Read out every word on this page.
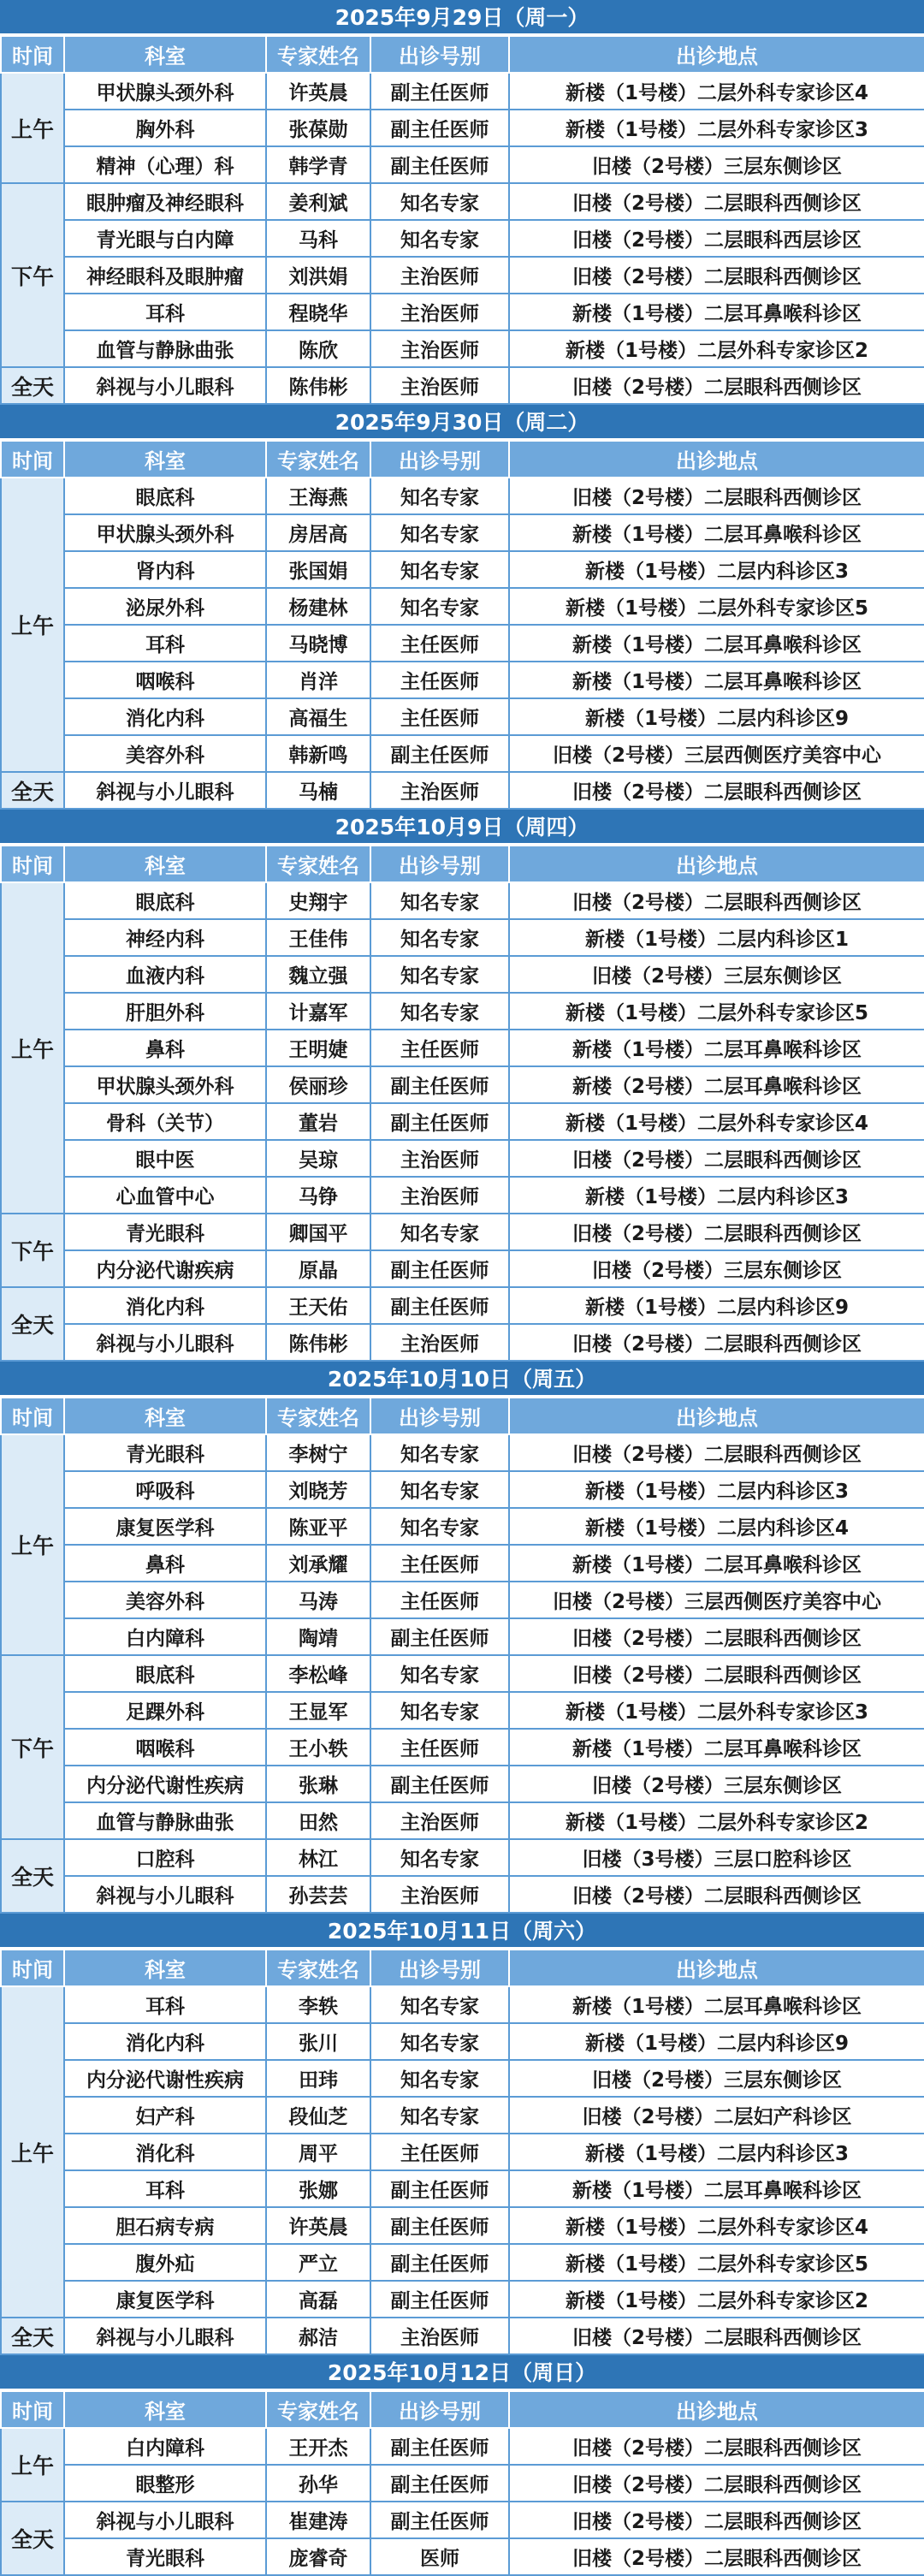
2025年9月29日（周一）
时间	科室	专家姓名	出诊号别	出诊地点
上午	甲状腺头颈外科	许英晨	副主任医师	新楼（1号楼）二层外科专家诊区4
	胸外科	张葆勋	副主任医师	新楼（1号楼）二层外科专家诊区3
	精神（心理）科	韩学青	副主任医师	旧楼（2号楼）三层东侧诊区
下午	眼肿瘤及神经眼科	姜利斌	知名专家	旧楼（2号楼）二层眼科西侧诊区
	青光眼与白内障	马科	知名专家	旧楼（2号楼）二层眼科西层诊区
	神经眼科及眼肿瘤	刘洪娟	主治医师	旧楼（2号楼）二层眼科西侧诊区
	耳科	程晓华	主治医师	新楼（1号楼）二层耳鼻喉科诊区
	血管与静脉曲张	陈欣	主治医师	新楼（1号楼）二层外科专家诊区2
全天	斜视与小儿眼科	陈伟彬	主治医师	旧楼（2号楼）二层眼科西侧诊区
2025年9月30日（周二）
时间	科室	专家姓名	出诊号别	出诊地点
上午	眼底科	王海燕	知名专家	旧楼（2号楼）二层眼科西侧诊区
	甲状腺头颈外科	房居高	知名专家	新楼（1号楼）二层耳鼻喉科诊区
	肾内科	张国娟	知名专家	新楼（1号楼）二层内科诊区3
	泌尿外科	杨建林	知名专家	新楼（1号楼）二层外科专家诊区5
	耳科	马晓博	主任医师	新楼（1号楼）二层耳鼻喉科诊区
	咽喉科	肖洋	主任医师	新楼（1号楼）二层耳鼻喉科诊区
	消化内科	高福生	主任医师	新楼（1号楼）二层内科诊区9
	美容外科	韩新鸣	副主任医师	旧楼（2号楼）三层西侧医疗美容中心
全天	斜视与小儿眼科	马楠	主治医师	旧楼（2号楼）二层眼科西侧诊区
2025年10月9日（周四）
时间	科室	专家姓名	出诊号别	出诊地点
上午	眼底科	史翔宇	知名专家	旧楼（2号楼）二层眼科西侧诊区
	神经内科	王佳伟	知名专家	新楼（1号楼）二层内科诊区1
	血液内科	魏立强	知名专家	旧楼（2号楼）三层东侧诊区
	肝胆外科	计嘉军	知名专家	新楼（1号楼）二层外科专家诊区5
	鼻科	王明婕	主任医师	新楼（1号楼）二层耳鼻喉科诊区
	甲状腺头颈外科	侯丽珍	副主任医师	新楼（2号楼）二层耳鼻喉科诊区
	骨科（关节）	董岩	副主任医师	新楼（1号楼）二层外科专家诊区4
	眼中医	吴琼	主治医师	旧楼（2号楼）二层眼科西侧诊区
	心血管中心	马铮	主治医师	新楼（1号楼）二层内科诊区3
下午	青光眼科	卿国平	知名专家	旧楼（2号楼）二层眼科西侧诊区
	内分泌代谢疾病	原晶	副主任医师	旧楼（2号楼）三层东侧诊区
全天	消化内科	王天佑	副主任医师	新楼（1号楼）二层内科诊区9
	斜视与小儿眼科	陈伟彬	主治医师	旧楼（2号楼）二层眼科西侧诊区
2025年10月10日（周五）
时间	科室	专家姓名	出诊号别	出诊地点
上午	青光眼科	李树宁	知名专家	旧楼（2号楼）二层眼科西侧诊区
	呼吸科	刘晓芳	知名专家	新楼（1号楼）二层内科诊区3
	康复医学科	陈亚平	知名专家	新楼（1号楼）二层内科诊区4
	鼻科	刘承耀	主任医师	新楼（1号楼）二层耳鼻喉科诊区
	美容外科	马涛	主任医师	旧楼（2号楼）三层西侧医疗美容中心
	白内障科	陶靖	副主任医师	旧楼（2号楼）二层眼科西侧诊区
下午	眼底科	李松峰	知名专家	旧楼（2号楼）二层眼科西侧诊区
	足踝外科	王显军	知名专家	新楼（1号楼）二层外科专家诊区3
	咽喉科	王小轶	主任医师	新楼（1号楼）二层耳鼻喉科诊区
	内分泌代谢性疾病	张琳	副主任医师	旧楼（2号楼）三层东侧诊区
	血管与静脉曲张	田然	主治医师	新楼（1号楼）二层外科专家诊区2
全天	口腔科	林江	知名专家	旧楼（3号楼）三层口腔科诊区
	斜视与小儿眼科	孙芸芸	主治医师	旧楼（2号楼）二层眼科西侧诊区
2025年10月11日（周六）
时间	科室	专家姓名	出诊号别	出诊地点
上午	耳科	李轶	知名专家	新楼（1号楼）二层耳鼻喉科诊区
	消化内科	张川	知名专家	新楼（1号楼）二层内科诊区9
	内分泌代谢性疾病	田玮	知名专家	旧楼（2号楼）三层东侧诊区
	妇产科	段仙芝	知名专家	旧楼（2号楼）二层妇产科诊区
	消化科	周平	主任医师	新楼（1号楼）二层内科诊区3
	耳科	张娜	副主任医师	新楼（1号楼）二层耳鼻喉科诊区
	胆石病专病	许英晨	副主任医师	新楼（1号楼）二层外科专家诊区4
	腹外疝	严立	副主任医师	新楼（1号楼）二层外科专家诊区5
	康复医学科	高磊	副主任医师	新楼（1号楼）二层外科专家诊区2
全天	斜视与小儿眼科	郝洁	主治医师	旧楼（2号楼）二层眼科西侧诊区
2025年10月12日（周日）
时间	科室	专家姓名	出诊号别	出诊地点
上午	白内障科	王开杰	副主任医师	旧楼（2号楼）二层眼科西侧诊区
	眼整形	孙华	副主任医师	旧楼（2号楼）二层眼科西侧诊区
全天	斜视与小儿眼科	崔建涛	副主任医师	旧楼（2号楼）二层眼科西侧诊区
	青光眼科	庞睿奇	医师	旧楼（2号楼）二层眼科西侧诊区
